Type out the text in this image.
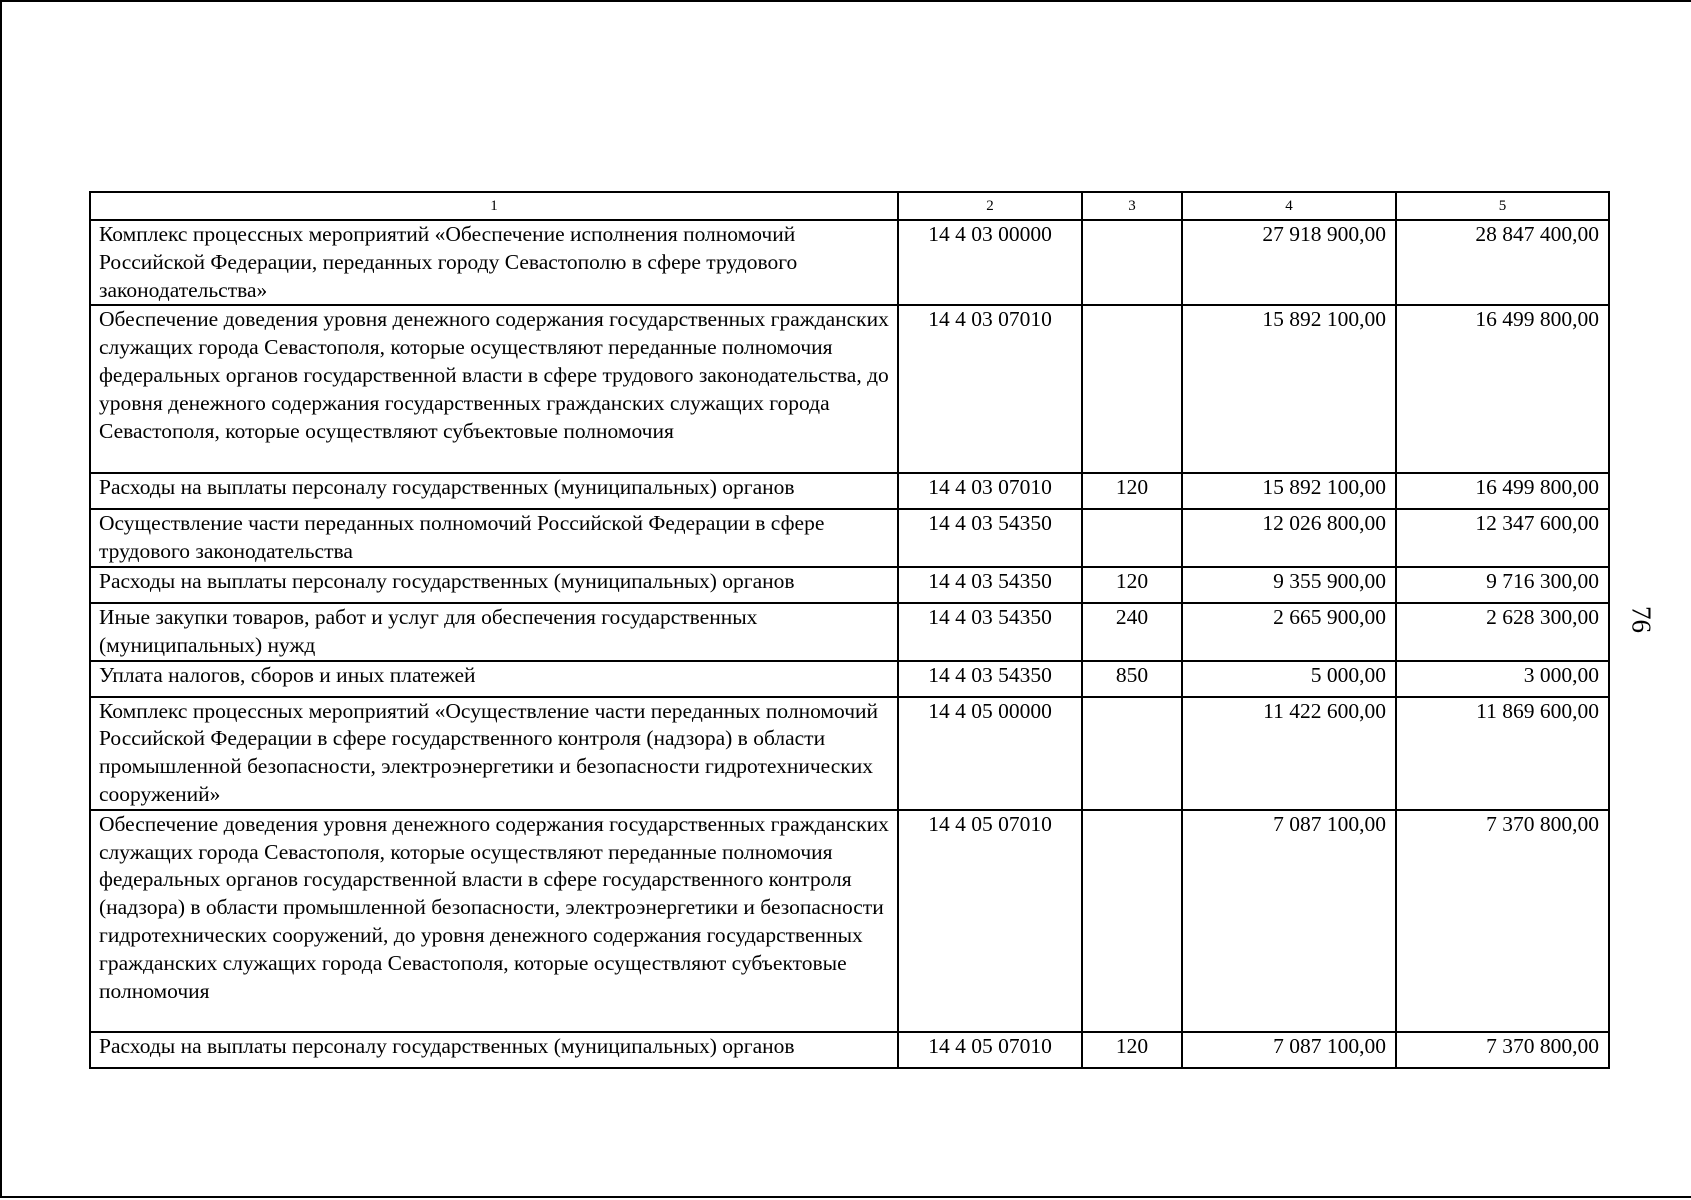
1	2	3	4	5
Комплекс процессных мероприятий «Обеспечение исполнения полномочий Российской Федерации, переданных городу Севастополю в сфере трудового законодательства»	14 4 03 00000		27 918 900,00	28 847 400,00
Обеспечение доведения уровня денежного содержания государственных гражданских служащих города Севастополя, которые осуществляют переданные полномочия федеральных органов государственной власти в сфере трудового законодательства, до уровня денежного содержания государственных гражданских служащих города Севастополя, которые осуществляют субъектовые полномочия	14 4 03 07010		15 892 100,00	16 499 800,00
Расходы на выплаты персоналу государственных (муниципальных) органов	14 4 03 07010	120	15 892 100,00	16 499 800,00
Осуществление части переданных полномочий Российской Федерации в сфере трудового законодательства	14 4 03 54350		12 026 800,00	12 347 600,00
Расходы на выплаты персоналу государственных (муниципальных) органов	14 4 03 54350	120	9 355 900,00	9 716 300,00
Иные закупки товаров, работ и услуг для обеспечения государственных (муниципальных) нужд	14 4 03 54350	240	2 665 900,00	2 628 300,00
Уплата налогов, сборов и иных платежей	14 4 03 54350	850	5 000,00	3 000,00
Комплекс процессных мероприятий «Осуществление части переданных полномочий Российской Федерации в сфере государственного контроля (надзора) в области промышленной безопасности, электроэнергетики и безопасности гидротехнических сооружений»	14 4 05 00000		11 422 600,00	11 869 600,00
Обеспечение доведения уровня денежного содержания государственных гражданских служащих города Севастополя, которые осуществляют переданные полномочия федеральных органов государственной власти в сфере государственного контроля (надзора) в области промышленной безопасности, электроэнергетики и безопасности гидротехнических сооружений, до уровня денежного содержания государственных гражданских служащих города Севастополя, которые осуществляют субъектовые полномочия	14 4 05 07010		7 087 100,00	7 370 800,00
Расходы на выплаты персоналу государственных (муниципальных) органов	14 4 05 07010	120	7 087 100,00	7 370 800,00
76
